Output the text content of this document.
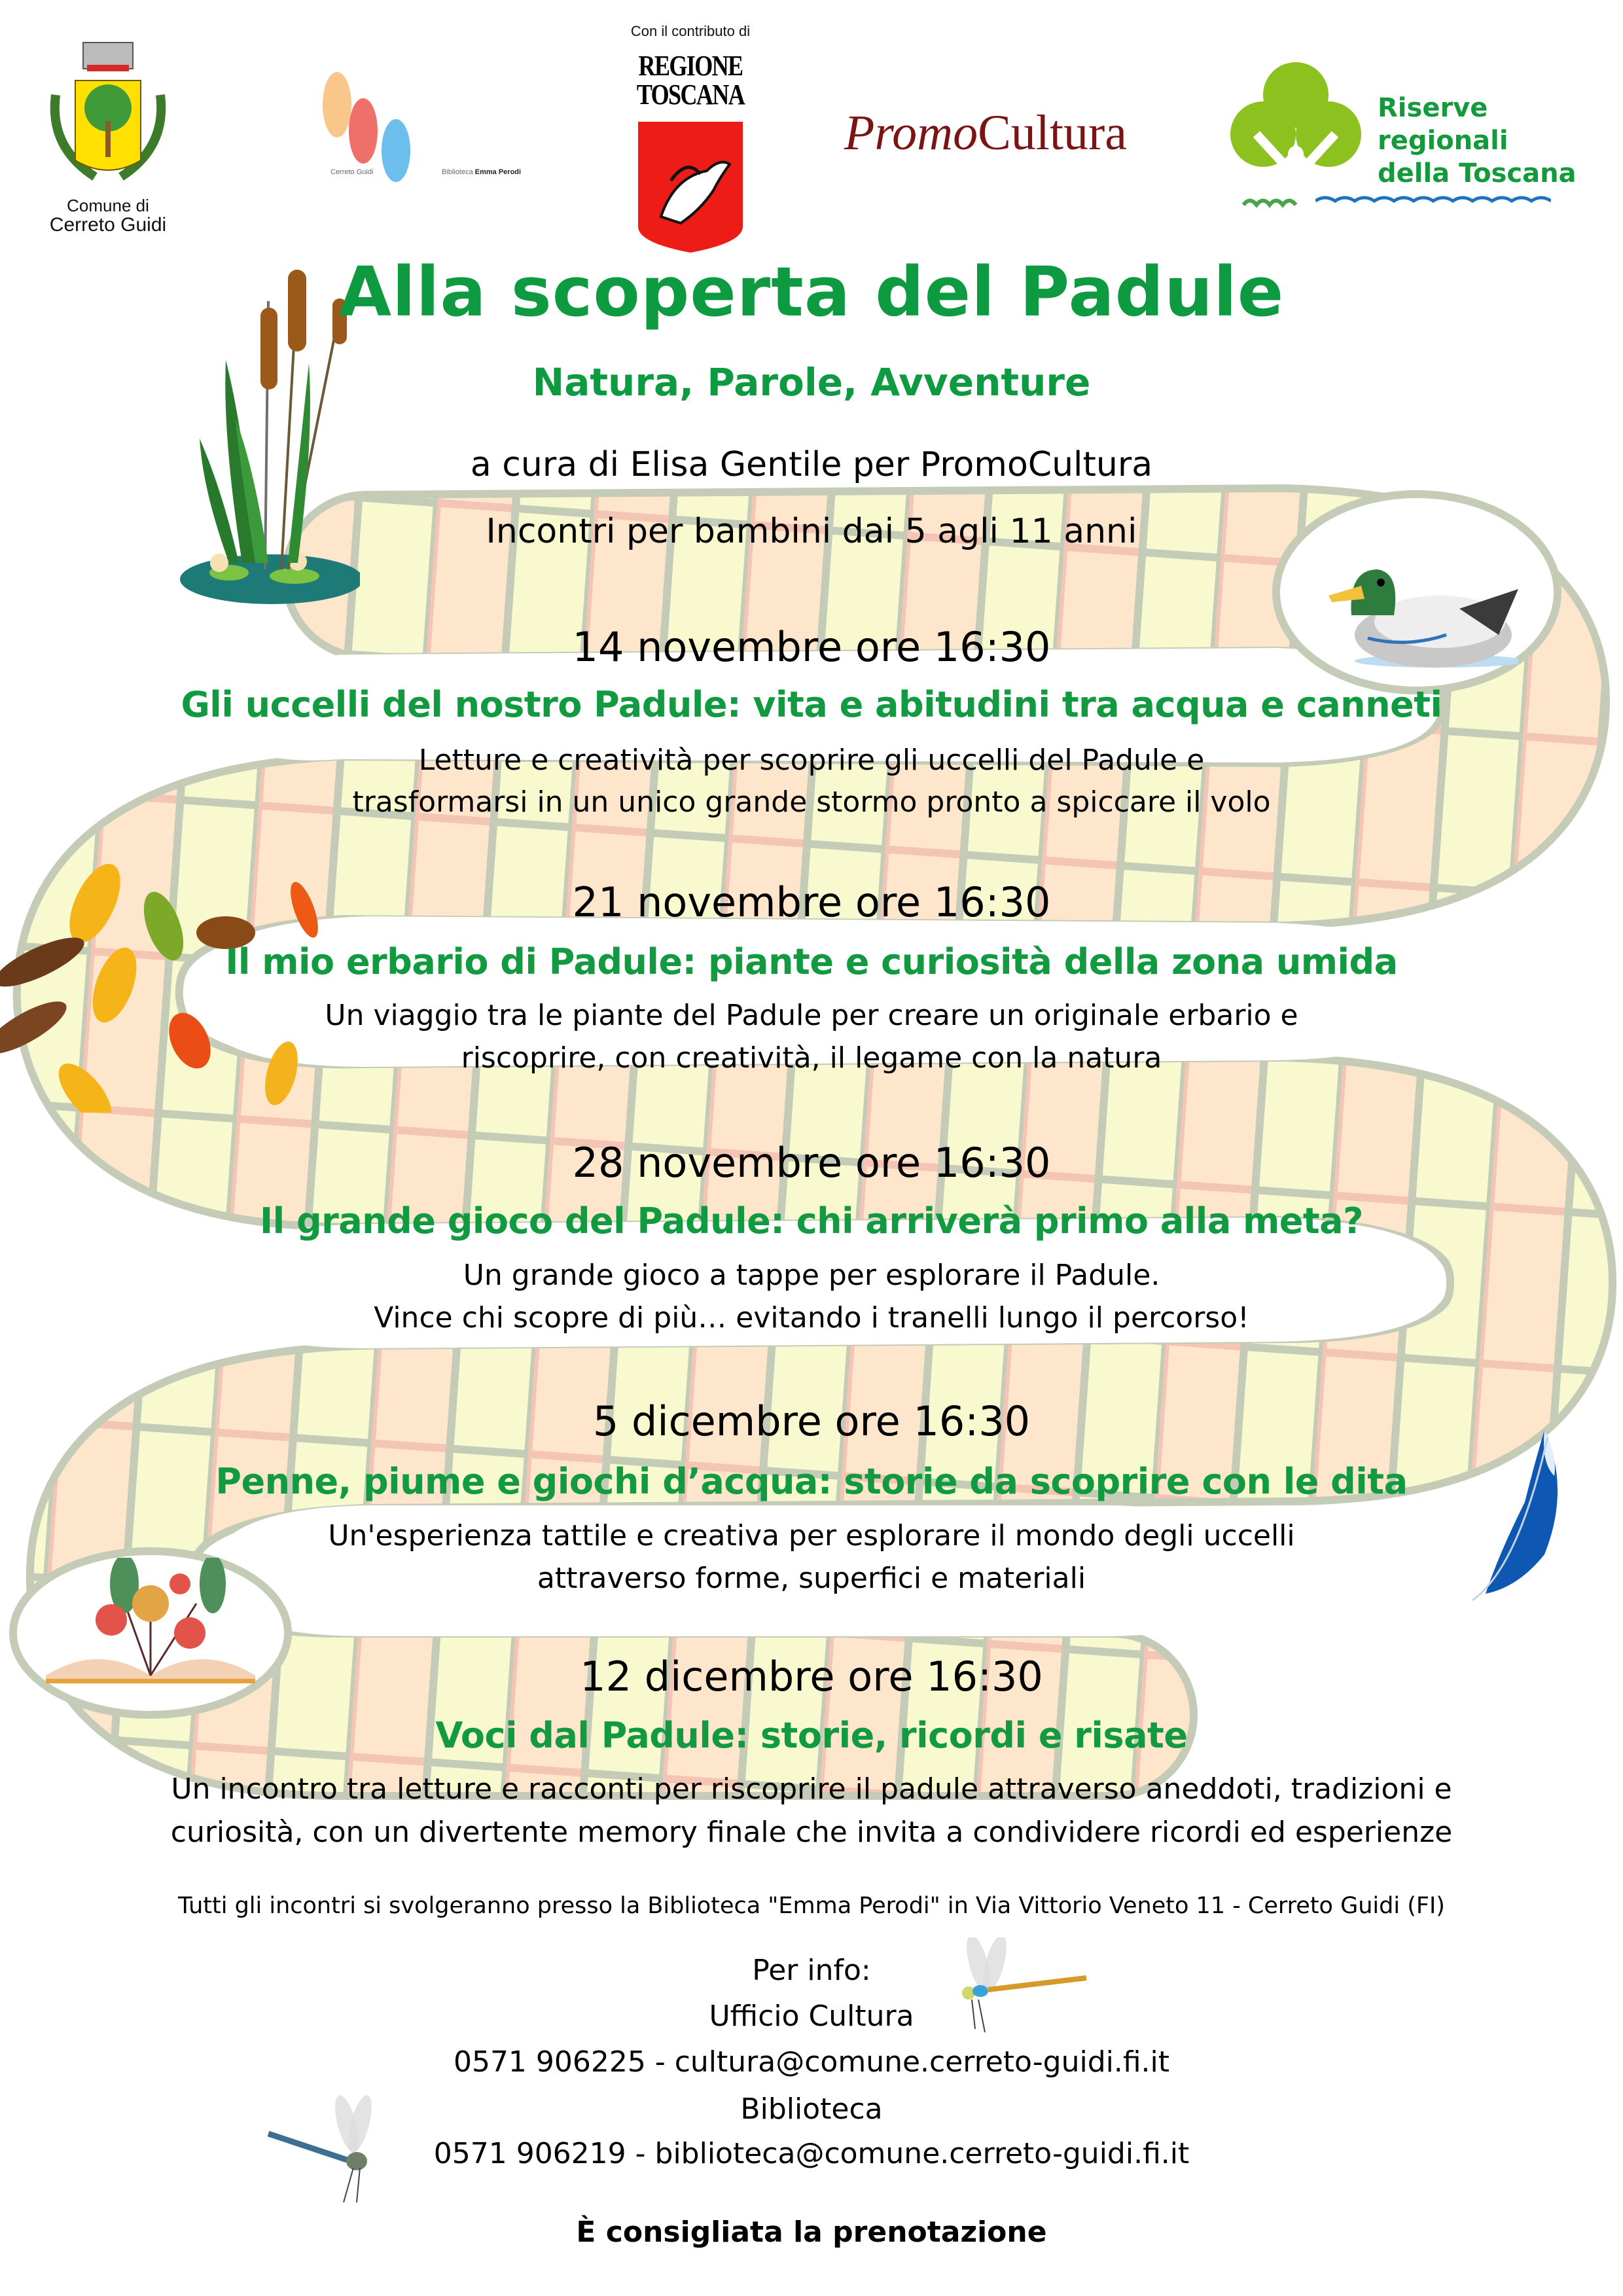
Comune di
Cerreto Guidi
Cerreto Guidi	Biblioteca Emma Perodi
Con il contributo di
REGIONE
TOSCANA
PromoCultura	Riserve
regionali
della Toscana
Alla scoperta del Padule
Natura, Parole, Avventure
a cura di Elisa Gentile per PromoCultura
Incontri per bambini dai 5 agli 11 anni
14 novembre ore 16:30
Gli uccelli del nostro Padule: vita e abitudini tra acqua e canneti
Letture e creatività per scoprire gli uccelli del Padule e
trasformarsi in un unico grande stormo pronto a spiccare il volo
21 novembre ore 16:30
Il mio erbario di Padule: piante e curiosità della zona umida
Un viaggio tra le piante del Padule per creare un originale erbario e
riscoprire, con creatività, il legame con la natura
28 novembre ore 16:30
Il grande gioco del Padule: chi arriverà primo alla meta?
Un grande gioco a tappe per esplorare il Padule.
Vince chi scopre di più… evitando i tranelli lungo il percorso!
5 dicembre ore 16:30
Penne, piume e giochi d’acqua: storie da scoprire con le dita
Un'esperienza tattile e creativa per esplorare il mondo degli uccelli
attraverso forme, superfici e materiali
12 dicembre ore 16:30
Voci dal Padule: storie, ricordi e risate
Un incontro tra letture e racconti per riscoprire il padule attraverso aneddoti, tradizioni e
curiosità, con un divertente memory finale che invita a condividere ricordi ed esperienze
Tutti gli incontri si svolgeranno presso la Biblioteca "Emma Perodi" in Via Vittorio Veneto 11 - Cerreto Guidi (FI)
Per info:
Ufficio Cultura
0571 906225 - cultura@comune.cerreto-guidi.fi.it
Biblioteca
0571 906219 - biblioteca@comune.cerreto-guidi.fi.it
È consigliata la prenotazione
